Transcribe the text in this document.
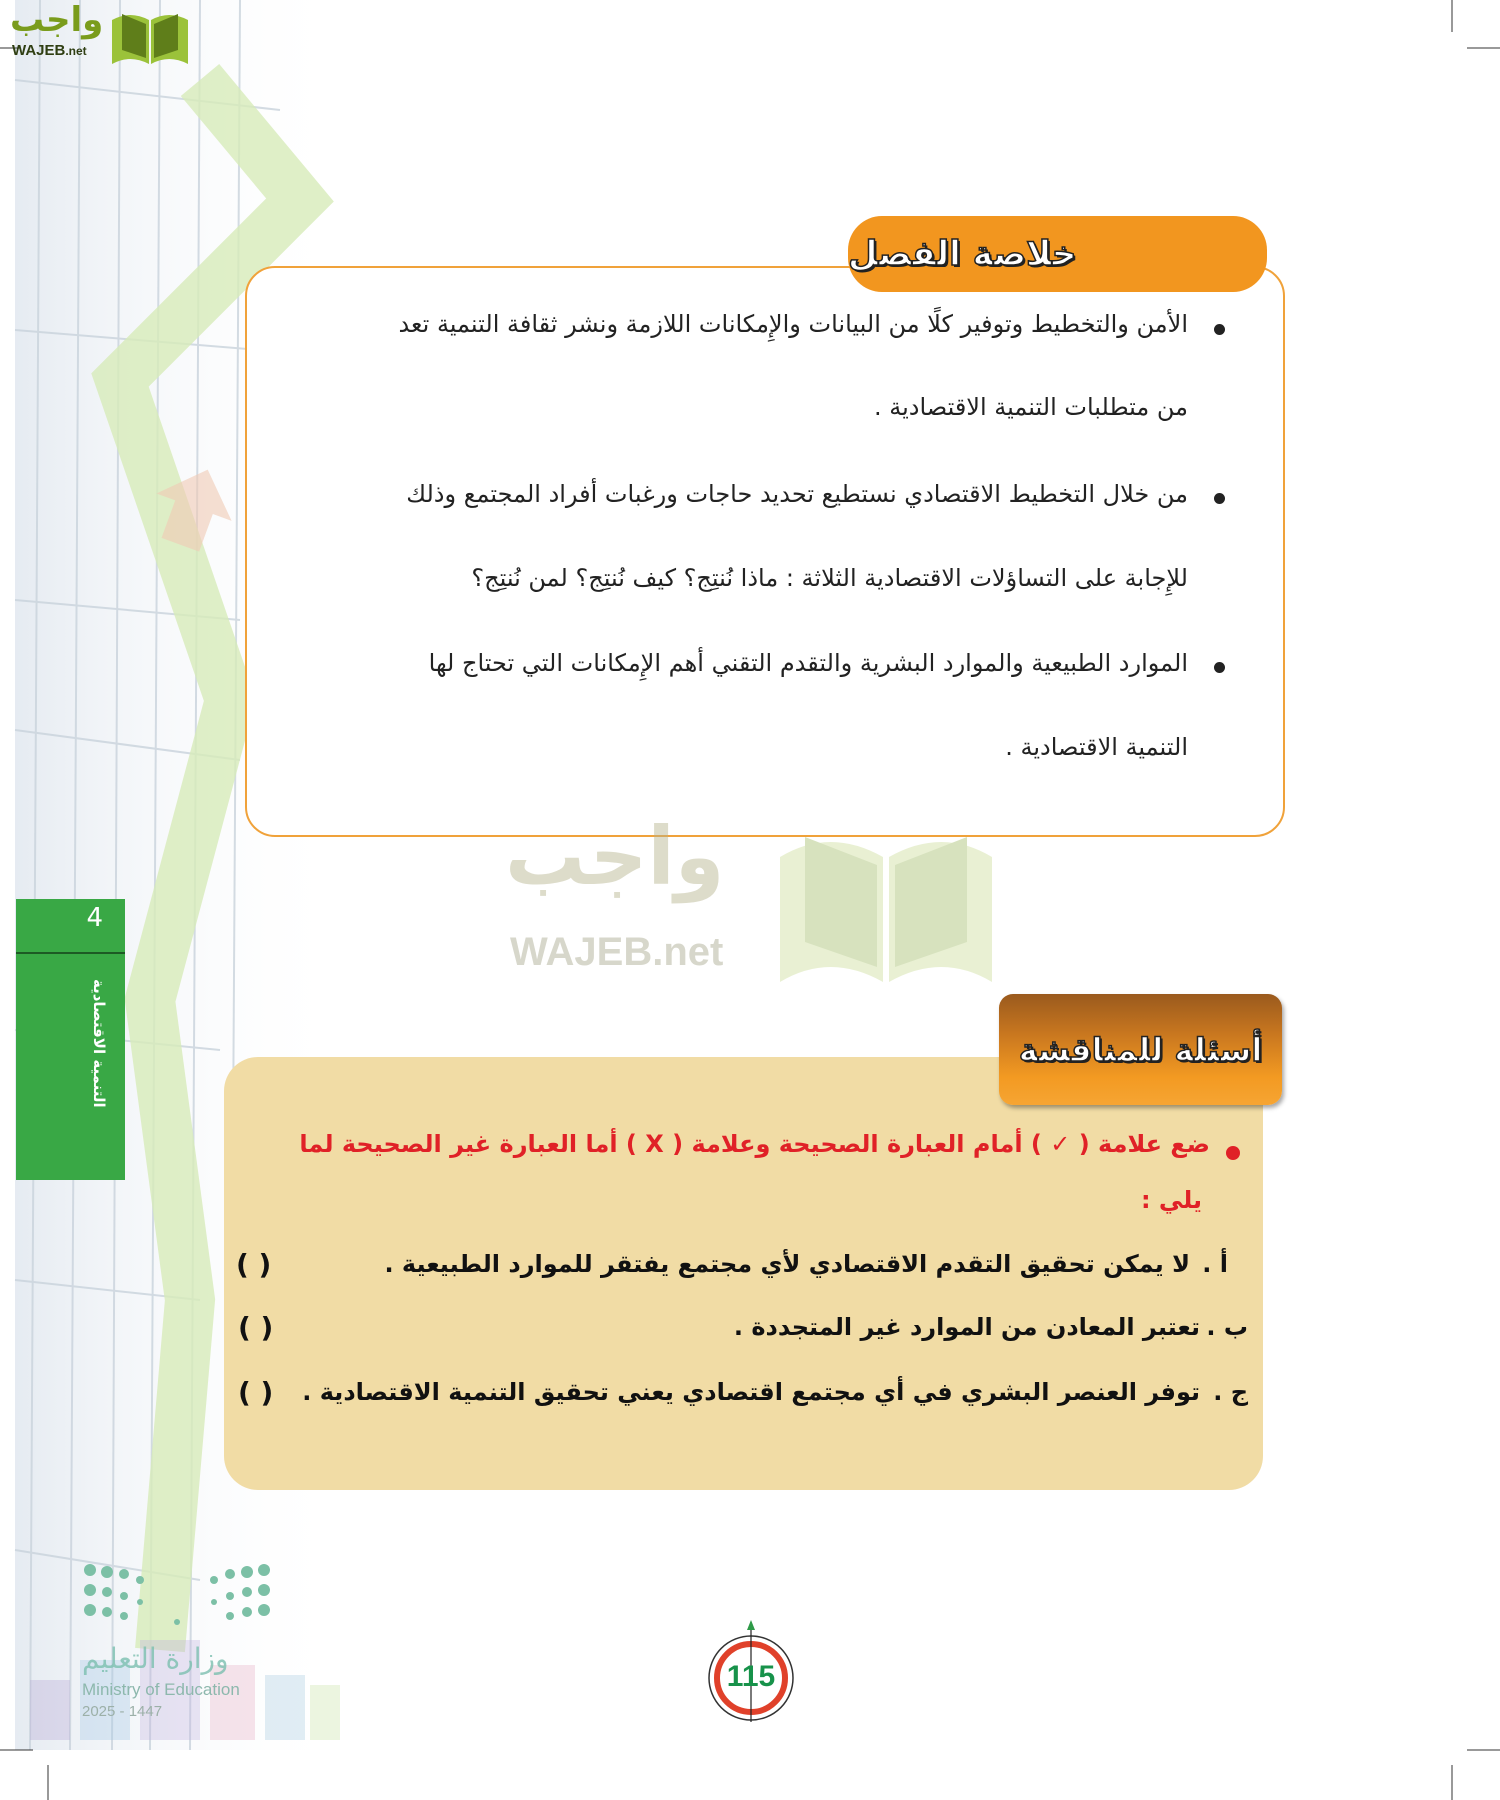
واجب
WAJEB.net
خلاصة الفصل
الأمن والتخطيط وتوفير كلًا من البيانات والإِمكانات اللازمة ونشر ثقافة التنمية تعد
من متطلبات التنمية الاقتصادية .
من خلال التخطيط الاقتصادي نستطيع تحديد حاجات ورغبات أفراد المجتمع وذلك
للإِجابة على التساؤلات الاقتصادية الثلاثة : ماذا نُنتِج؟ كيف نُنتِج؟ لمن نُنتِج؟
الموارد الطبيعية والموارد البشرية والتقدم التقني أهم الإِمكانات التي تحتاج لها
التنمية الاقتصادية .
واجب
WAJEB.net
4
التنمية الاقتصادية	أسئلة للمناقشة
ضع علامة ( ✓ ) أمام العبارة الصحيحة وعلامة ( X ) أما العبارة غير الصحيحة لما
يلي :
أ .
لا يمكن تحقيق التقدم الاقتصادي لأي مجتمع يفتقر للموارد الطبيعية .
( )
ب .
تعتبر المعادن من الموارد غير المتجددة .
( )
ج .
توفر العنصر البشري في أي مجتمع اقتصادي يعني تحقيق التنمية الاقتصادية .
( )
وزارة التعليم
Ministry of Education
2025 - 1447
115
